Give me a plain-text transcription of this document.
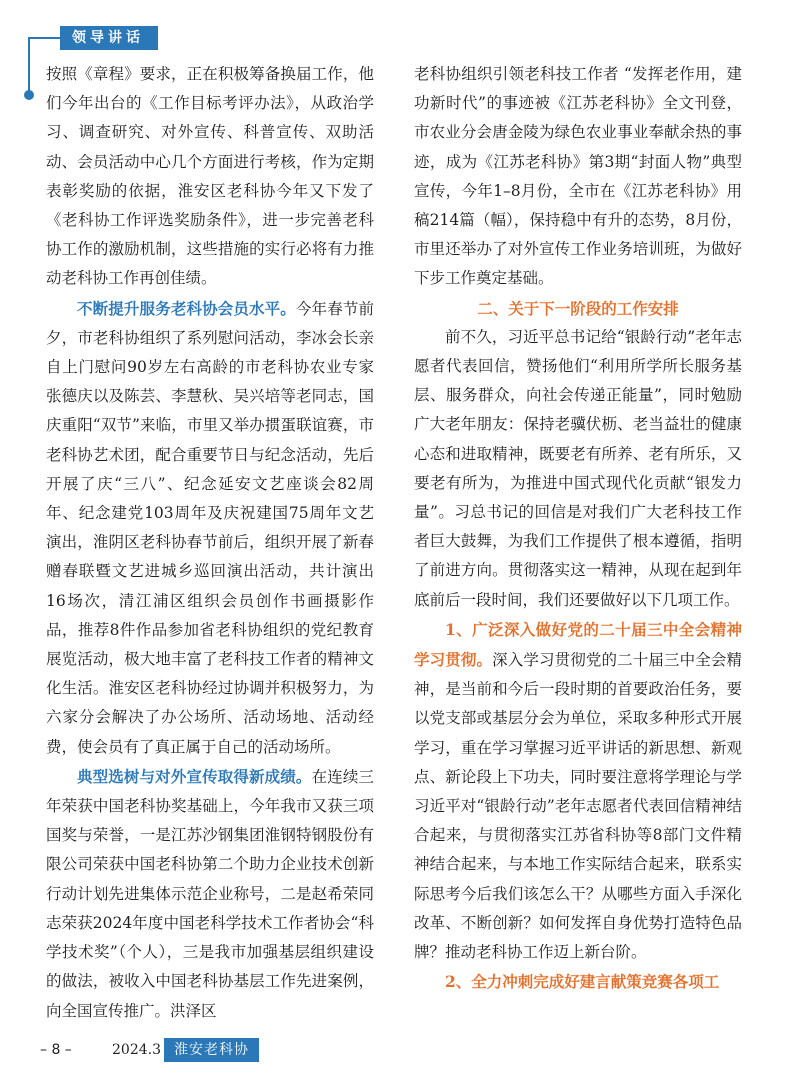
领导讲话

按照《章程》要求，正在积极筹备换届工作，他们今年出台的《工作目标考评办法》，从政治学习、调查研究、对外宣传、科普宣传、双助活动、会员活动中心几个方面进行考核，作为定期表彰奖励的依据，淮安区老科协今年又下发了《老科协工作评选奖励条件》，进一步完善老科协工作的激励机制，这些措施的实行必将有力推动老科协工作再创佳绩。

不断提升服务老科协会员水平。今年春节前夕，市老科协组织了系列慰问活动，李冰会长亲自上门慰问90岁左右高龄的市老科协农业专家张德庆以及陈芸、李慧秋、吴兴培等老同志，国庆重阳“双节”来临，市里又举办掼蛋联谊赛，市老科协艺术团，配合重要节日与纪念活动，先后开展了庆“三八”、纪念延安文艺座谈会82周年、纪念建党103周年及庆祝建国75周年文艺演出，淮阴区老科协春节前后，组织开展了新春赠春联暨文艺进城乡巡回演出活动，共计演出16场次，清江浦区组织会员创作书画摄影作品，推荐8件作品参加省老科协组织的党纪教育展览活动，极大地丰富了老科技工作者的精神文化生活。淮安区老科协经过协调并积极努力，为六家分会解决了办公场所、活动场地、活动经费，使会员有了真正属于自己的活动场所。

典型选树与对外宣传取得新成绩。在连续三年荣获中国老科协奖基础上，今年我市又获三项国奖与荣誉，一是江苏沙钢集团淮钢特钢股份有限公司荣获中国老科协第二个助力企业技术创新行动计划先进集体示范企业称号，二是赵希荣同志荣获2024年度中国老科学技术工作者协会“科学技术奖”（个人），三是我市加强基层组织建设的做法，被收入中国老科协基层工作先进案例，向全国宣传推广。洪泽区

老科协组织引领老科技工作者 “发挥老作用，建功新时代”的事迹被《江苏老科协》全文刊登，市农业分会唐金陵为绿色农业事业奉献余热的事迹，成为《江苏老科协》第3期“封面人物”典型宣传，今年1–8月份，全市在《江苏老科协》用稿214篇（幅），保持稳中有升的态势，8月份，市里还举办了对外宣传工作业务培训班，为做好下步工作奠定基础。

二、关于下一阶段的工作安排

前不久，习近平总书记给“银龄行动”老年志愿者代表回信，赞扬他们“利用所学所长服务基层、服务群众，向社会传递正能量”，同时勉励广大老年朋友：保持老骥伏枥、老当益壮的健康心态和进取精神，既要老有所养、老有所乐，又要老有所为，为推进中国式现代化贡献“银发力量”。习总书记的回信是对我们广大老科技工作者巨大鼓舞，为我们工作提供了根本遵循，指明了前进方向。贯彻落实这一精神，从现在起到年底前后一段时间，我们还要做好以下几项工作。

1、广泛深入做好党的二十届三中全会精神学习贯彻。深入学习贯彻党的二十届三中全会精神，是当前和今后一段时期的首要政治任务，要以党支部或基层分会为单位，采取多种形式开展学习，重在学习掌握习近平讲话的新思想、新观点、新论段上下功夫，同时要注意将学理论与学习近平对“银龄行动”老年志愿者代表回信精神结合起来，与贯彻落实江苏省科协等8部门文件精神结合起来，与本地工作实际结合起来，联系实际思考今后我们该怎么干？从哪些方面入手深化改革、不断创新？如何发挥自身优势打造特色品牌？推动老科协工作迈上新台阶。

2、全力冲刺完成好建言献策竞赛各项工

– 8 –	2024.3 淮安老科协
